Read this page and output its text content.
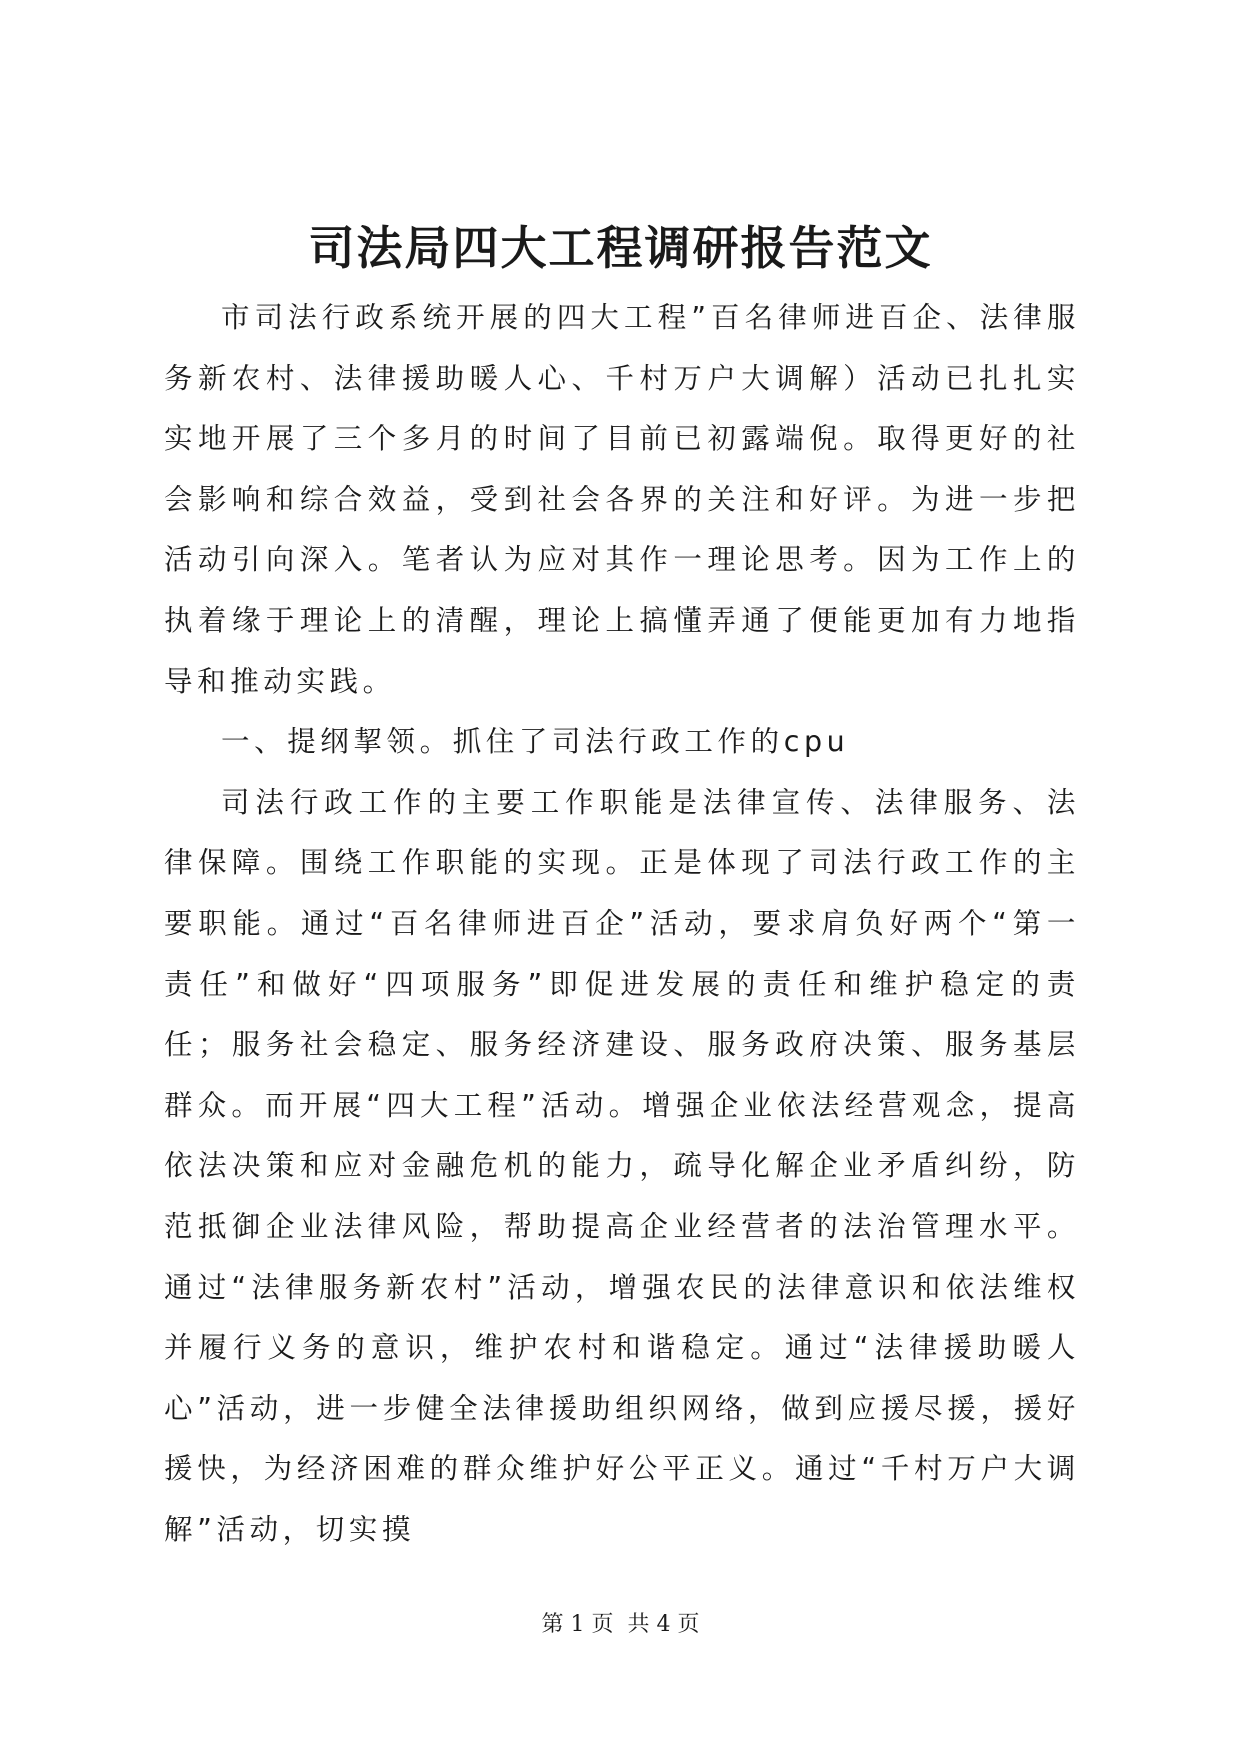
司法局四大工程调研报告范文

市司法行政系统开展的四大工程”百名律师进百企、法律服务新农村、法律援助暖人心、千村万户大调解）活动已扎扎实实地开展了三个多月的时间了目前已初露端倪。取得更好的社会影响和综合效益，受到社会各界的关注和好评。为进一步把活动引向深入。笔者认为应对其作一理论思考。因为工作上的执着缘于理论上的清醒，理论上搞懂弄通了便能更加有力地指导和推动实践。

一、提纲挈领。抓住了司法行政工作的cpu

司法行政工作的主要工作职能是法律宣传、法律服务、法律保障。围绕工作职能的实现。正是体现了司法行政工作的主要职能。通过“百名律师进百企”活动，要求肩负好两个“第一责任”和做好“四项服务”即促进发展的责任和维护稳定的责任；服务社会稳定、服务经济建设、服务政府决策、服务基层群众。而开展“四大工程”活动。增强企业依法经营观念，提高依法决策和应对金融危机的能力，疏导化解企业矛盾纠纷，防范抵御企业法律风险，帮助提高企业经营者的法治管理水平。通过“法律服务新农村”活动，增强农民的法律意识和依法维权并履行义务的意识，维护农村和谐稳定。通过“法律援助暖人心”活动，进一步健全法律援助组织网络，做到应援尽援，援好援快，为经济困难的群众维护好公平正义。通过“千村万户大调解”活动，切实摸

第 1 页 共 4 页
